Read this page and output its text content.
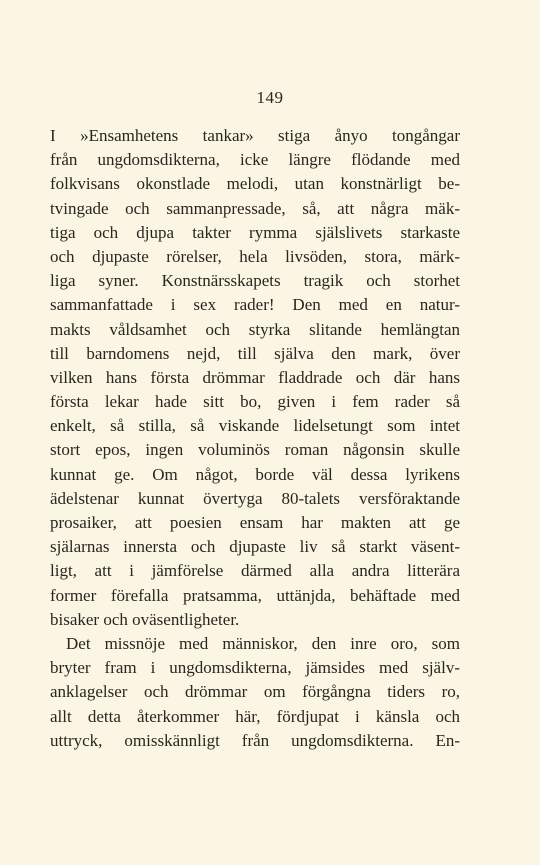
149
I »Ensamhetens tankar» stiga ånyo tongångar
från ungdomsdikterna, icke längre flödande med
folkvisans okonstlade melodi, utan konstnärligt be-
tvingade och sammanpressade, så, att några mäk-
tiga och djupa takter rymma själslivets starkaste
och djupaste rörelser, hela livsöden, stora, märk-
liga syner. Konstnärsskapets tragik och storhet
sammanfattade i sex rader! Den med en natur-
makts våldsamhet och styrka slitande hemlängtan
till barndomens nejd, till själva den mark, över
vilken hans första drömmar fladdrade och där hans
första lekar hade sitt bo, given i fem rader så
enkelt, så stilla, så viskande lidelsetungt som intet
stort epos, ingen voluminös roman någonsin skulle
kunnat ge. Om något, borde väl dessa lyrikens
ädelstenar kunnat övertyga 80-talets versföraktande
prosaiker, att poesien ensam har makten att ge
själarnas innersta och djupaste liv så starkt väsent-
ligt, att i jämförelse därmed alla andra litterära
former förefalla pratsamma, uttänjda, behäftade med
bisaker och oväsentligheter.
Det missnöje med människor, den inre oro, som
bryter fram i ungdomsdikterna, jämsides med själv-
anklagelser och drömmar om förgångna tiders ro,
allt detta återkommer här, fördjupat i känsla och
uttryck, omisskännligt från ungdomsdikterna. En-
